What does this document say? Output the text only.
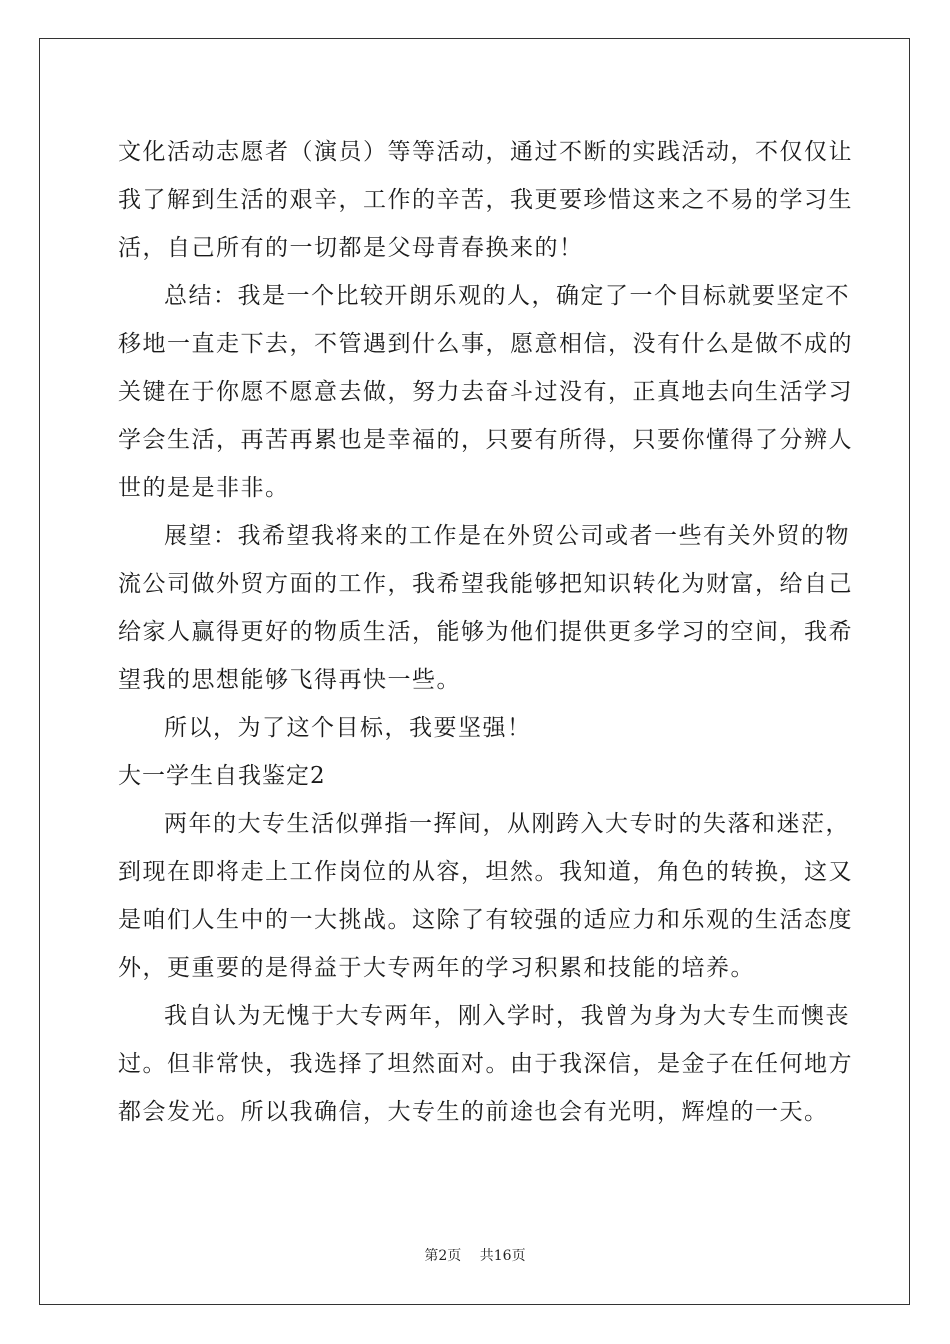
文化活动志愿者（演员）等等活动，通过不断的实践活动，不仅仅让
我了解到生活的艰辛，工作的辛苦，我更要珍惜这来之不易的学习生
活，自己所有的一切都是父母青春换来的！
总结：我是一个比较开朗乐观的人，确定了一个目标就要坚定不
移地一直走下去，不管遇到什么事，愿意相信，没有什么是做不成的
关键在于你愿不愿意去做，努力去奋斗过没有，正真地去向生活学习
学会生活，再苦再累也是幸福的，只要有所得，只要你懂得了分辨人
世的是是非非。
展望：我希望我将来的工作是在外贸公司或者一些有关外贸的物
流公司做外贸方面的工作，我希望我能够把知识转化为财富，给自己
给家人赢得更好的物质生活，能够为他们提供更多学习的空间，我希
望我的思想能够飞得再快一些。
所以，为了这个目标，我要坚强！
大一学生自我鉴定2
两年的大专生活似弹指一挥间，从刚跨入大专时的失落和迷茫，
到现在即将走上工作岗位的从容，坦然。我知道，角色的转换，这又
是咱们人生中的一大挑战。这除了有较强的适应力和乐观的生活态度
外，更重要的是得益于大专两年的学习积累和技能的培养。
我自认为无愧于大专两年，刚入学时，我曾为身为大专生而懊丧
过。但非常快，我选择了坦然面对。由于我深信，是金子在任何地方
都会发光。所以我确信，大专生的前途也会有光明，辉煌的一天。
第2页 共16页
